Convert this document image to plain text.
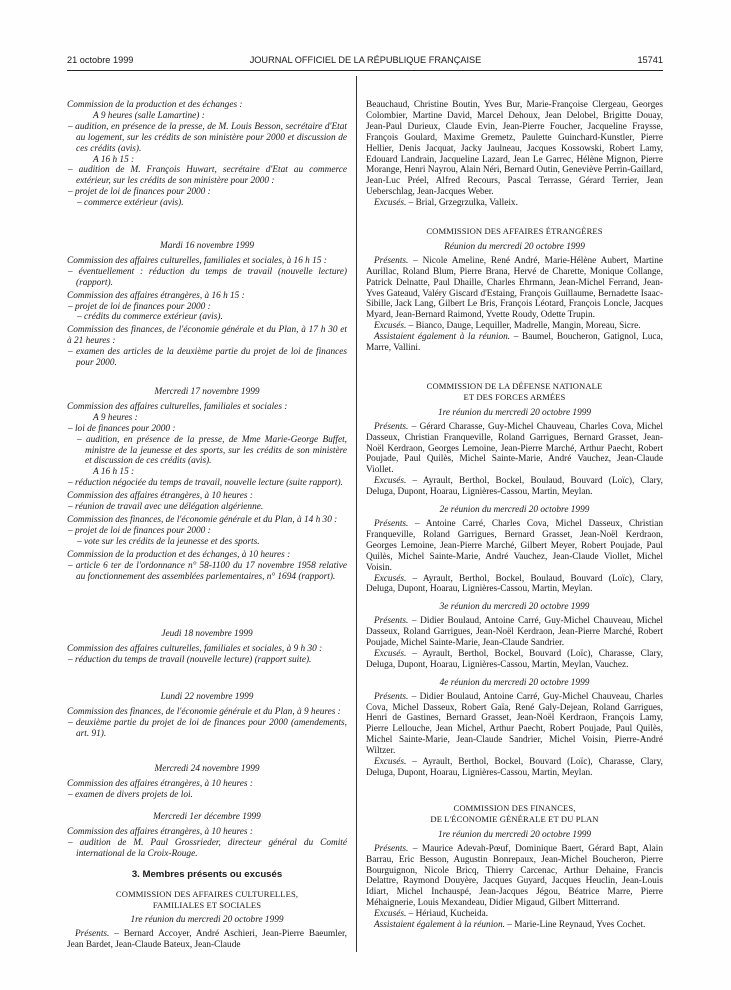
21 octobre 1999	JOURNAL OFFICIEL DE LA RÉPUBLIQUE FRANÇAISE	15741
Commission de la production et des échanges :
A 9 heures (salle Lamartine) :
– audition, en présence de la presse, de M. Louis Besson, secrétaire d'Etat au logement, sur les crédits de son ministère pour 2000 et discussion de ces crédits (avis).
A 16 h 15 :
– audition de M. François Huwart, secrétaire d'Etat au commerce extérieur, sur les crédits de son ministère pour 2000 :
– projet de loi de finances pour 2000 :
– commerce extérieur (avis).
Mardi 16 novembre 1999
Commission des affaires culturelles, familiales et sociales, à 16 h 15 :
– éventuellement : réduction du temps de travail (nouvelle lecture) (rapport).
Commission des affaires étrangères, à 16 h 15 :
– projet de loi de finances pour 2000 :
– crédits du commerce extérieur (avis).
Commission des finances, de l'économie générale et du Plan, à 17 h 30 et à 21 heures :
– examen des articles de la deuxième partie du projet de loi de finances pour 2000.
Mercredi 17 novembre 1999
Commission des affaires culturelles, familiales et sociales :
A 9 heures :
– loi de finances pour 2000 :
– audition, en présence de la presse, de Mme Marie-George Buffet, ministre de la jeunesse et des sports, sur les crédits de son ministère et discussion de ces crédits (avis).
A 16 h 15 :
– réduction négociée du temps de travail, nouvelle lecture (suite rapport).
Commission des affaires étrangères, à 10 heures :
– réunion de travail avec une délégation algérienne.
Commission des finances, de l'économie générale et du Plan, à 14 h 30 :
– projet de loi de finances pour 2000 :
– vote sur les crédits de la jeunesse et des sports.
Commission de la production et des échanges, à 10 heures :
– article 6 ter de l'ordonnance n° 58-1100 du 17 novembre 1958 relative au fonctionnement des assemblées parlementaires, n° 1694 (rapport).
Jeudi 18 novembre 1999
Commission des affaires culturelles, familiales et sociales, à 9 h 30 :
– réduction du temps de travail (nouvelle lecture) (rapport suite).
Lundi 22 novembre 1999
Commission des finances, de l'économie générale et du Plan, à 9 heures :
– deuxième partie du projet de loi de finances pour 2000 (amendements, art. 91).
Mercredi 24 novembre 1999
Commission des affaires étrangères, à 10 heures :
– examen de divers projets de loi.
Mercredi 1er décembre 1999
Commission des affaires étrangères, à 10 heures :
– audition de M. Paul Grossrieder, directeur général du Comité international de la Croix-Rouge.
3. Membres présents ou excusés
COMMISSION DES AFFAIRES CULTURELLES,
FAMILIALES ET SOCIALES
1re réunion du mercredi 20 octobre 1999
Présents. – Bernard Accoyer, André Aschieri, Jean-Pierre Baeumler, Jean Bardet, Jean-Claude Bateux, Jean-Claude
Beauchaud, Christine Boutin, Yves Bur, Marie-Françoise Clergeau, Georges Colombier, Martine David, Marcel Dehoux, Jean Delobel, Brigitte Douay, Jean-Paul Durieux, Claude Evin, Jean-Pierre Foucher, Jacqueline Fraysse, François Goulard, Maxime Gremetz, Paulette Guinchard-Kunstler, Pierre Hellier, Denis Jacquat, Jacky Jaulneau, Jacques Kossowski, Robert Lamy, Edouard Landrain, Jacqueline Lazard, Jean Le Garrec, Hélène Mignon, Pierre Morange, Henri Nayrou, Alain Néri, Bernard Outin, Geneviève Perrin-Gaillard, Jean-Luc Préel, Alfred Recours, Pascal Terrasse, Gérard Terrier, Jean Ueberschlag, Jean-Jacques Weber.
Excusés. – Brial, Grzegrzulka, Valleix.
COMMISSION DES AFFAIRES ÉTRANGÈRES
Réunion du mercredi 20 octobre 1999
Présents. – Nicole Ameline, René André, Marie-Hélène Aubert, Martine Aurillac, Roland Blum, Pierre Brana, Hervé de Charette, Monique Collange, Patrick Delnatte, Paul Dhaille, Charles Ehrmann, Jean-Michel Ferrand, Jean-Yves Gateaud, Valéry Giscard d'Estaing, François Guillaume, Bernadette Isaac-Sibille, Jack Lang, Gilbert Le Bris, François Léotard, François Loncle, Jacques Myard, Jean-Bernard Raimond, Yvette Roudy, Odette Trupin.
Excusés. – Bianco, Dauge, Lequiller, Madrelle, Mangin, Moreau, Sicre.
Assistaient également à la réunion. – Baumel, Boucheron, Gatignol, Luca, Marre, Vallini.
COMMISSION DE LA DÉFENSE NATIONALE
ET DES FORCES ARMÉES
1re réunion du mercredi 20 octobre 1999
Présents. – Gérard Charasse, Guy-Michel Chauveau, Charles Cova, Michel Dasseux, Christian Franqueville, Roland Garrigues, Bernard Grasset, Jean-Noël Kerdraon, Georges Lemoine, Jean-Pierre Marché, Arthur Paecht, Robert Poujade, Paul Quilès, Michel Sainte-Marie, André Vauchez, Jean-Claude Viollet.
Excusés. – Ayrault, Berthol, Bockel, Boulaud, Bouvard (Loïc), Clary, Deluga, Dupont, Hoarau, Lignières-Cassou, Martin, Meylan.
2e réunion du mercredi 20 octobre 1999
Présents. – Antoine Carré, Charles Cova, Michel Dasseux, Christian Franqueville, Roland Garrigues, Bernard Grasset, Jean-Noël Kerdraon, Georges Lemoine, Jean-Pierre Marché, Gilbert Meyer, Robert Poujade, Paul Quilès, Michel Sainte-Marie, André Vauchez, Jean-Claude Viollet, Michel Voisin.
Excusés. – Ayrault, Berthol, Bockel, Boulaud, Bouvard (Loïc), Clary, Deluga, Dupont, Hoarau, Lignières-Cassou, Martin, Meylan.
3e réunion du mercredi 20 octobre 1999
Présents. – Didier Boulaud, Antoine Carré, Guy-Michel Chauveau, Michel Dasseux, Roland Garrigues, Jean-Noël Kerdraon, Jean-Pierre Marché, Robert Poujade, Michel Sainte-Marie, Jean-Claude Sandrier.
Excusés. – Ayrault, Berthol, Bockel, Bouvard (Loïc), Charasse, Clary, Deluga, Dupont, Hoarau, Lignières-Cassou, Martin, Meylan, Vauchez.
4e réunion du mercredi 20 octobre 1999
Présents. – Didier Boulaud, Antoine Carré, Guy-Michel Chauveau, Charles Cova, Michel Dasseux, Robert Gaïa, René Galy-Dejean, Roland Garrigues, Henri de Gastines, Bernard Grasset, Jean-Noël Kerdraon, François Lamy, Pierre Lellouche, Jean Michel, Arthur Paecht, Robert Poujade, Paul Quilès, Michel Sainte-Marie, Jean-Claude Sandrier, Michel Voisin, Pierre-André Wiltzer.
Excusés. – Ayrault, Berthol, Bockel, Bouvard (Loïc), Charasse, Clary, Deluga, Dupont, Hoarau, Lignières-Cassou, Martin, Meylan.
COMMISSION DES FINANCES,
DE L'ÉCONOMIE GÉNÉRALE ET DU PLAN
1re réunion du mercredi 20 octobre 1999
Présents. – Maurice Adevah-Pœuf, Dominique Baert, Gérard Bapt, Alain Barrau, Eric Besson, Augustin Bonrepaux, Jean-Michel Boucheron, Pierre Bourguignon, Nicole Bricq, Thierry Carcenac, Arthur Dehaine, Francis Delattre, Raymond Douyère, Jacques Guyard, Jacques Heuclin, Jean-Louis Idiart, Michel Inchauspé, Jean-Jacques Jégou, Béatrice Marre, Pierre Méhaignerie, Louis Mexandeau, Didier Migaud, Gilbert Mitterrand.
Excusés. – Hériaud, Kucheida.
Assistaient également à la réunion. – Marie-Line Reynaud, Yves Cochet.
